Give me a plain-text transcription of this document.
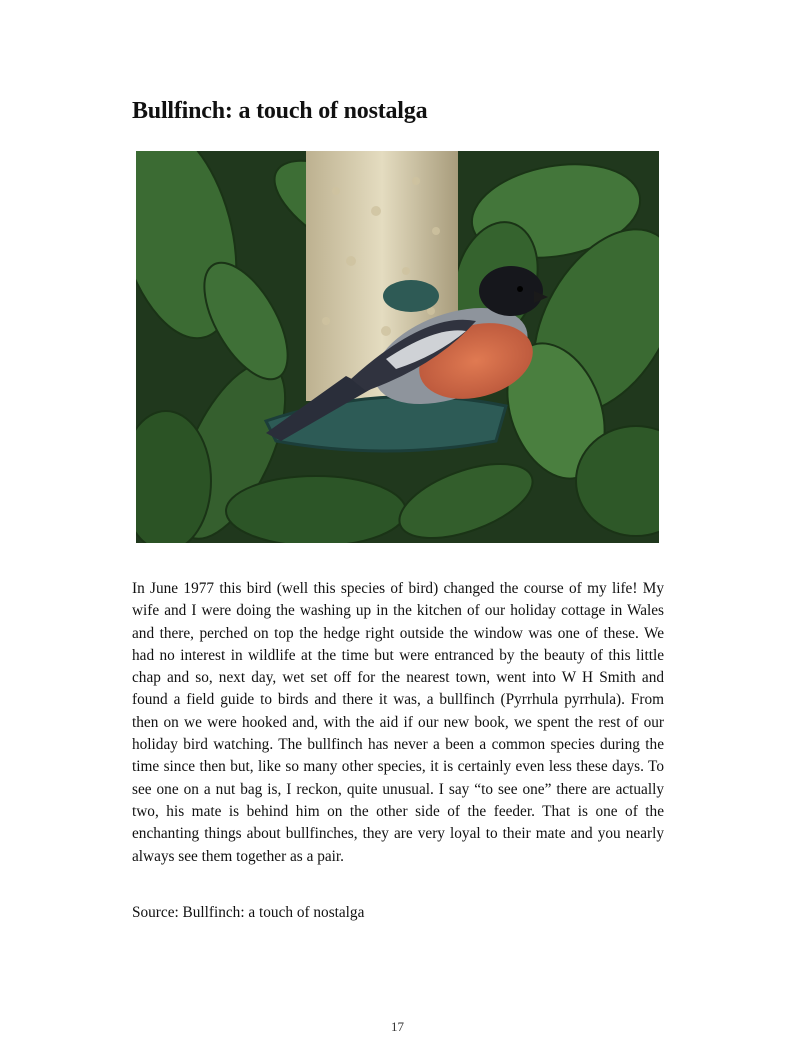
Bullfinch: a touch of nostalga

In June 1977 this bird (well this species of bird) changed the course of my life! My wife and I were doing the washing up in the kitchen of our holiday cottage in Wales and there, perched on top the hedge right outside the window was one of these. We had no interest in wildlife at the time but were entranced by the beauty of this little chap and so, next day, wet set off for the nearest town, went into W H Smith and found a field guide to birds and there it was, a bullfinch (Pyrrhula pyrrhula). From then on we were hooked and, with the aid if our new book, we spent the rest of our holiday bird watching. The bullfinch has never a been a common species during the time since then but, like so many other species, it is certainly even less these days. To see one on a nut bag is, I reckon, quite unusual. I say “to see one” there are actually two, his mate is behind him on the other side of the feeder. That is one of the enchanting things about bullfinches, they are very loyal to their mate and you nearly always see them together as a pair.

Source: Bullfinch: a touch of nostalga

17
